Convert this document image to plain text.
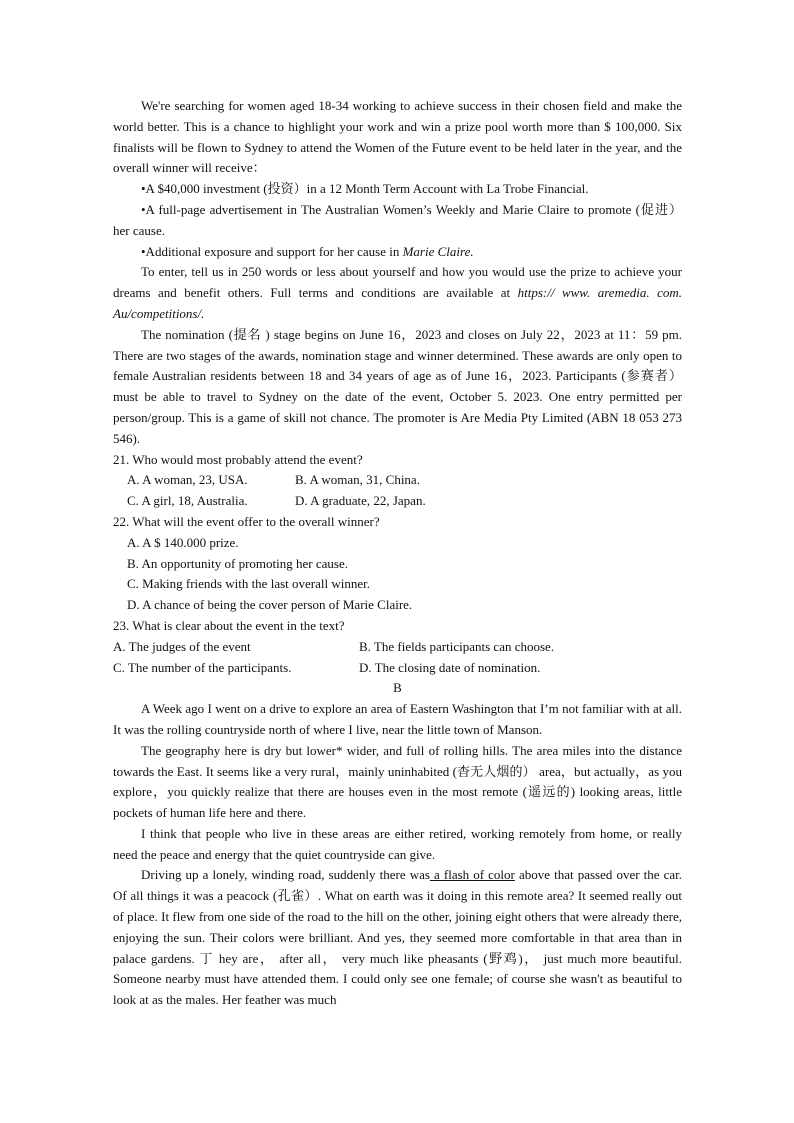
We're searching for women aged 18-34 working to achieve success in their chosen field and make the world better. This is a chance to highlight your work and win a prize pool worth more than $ 100,000. Six finalists will be flown to Sydney to attend the Women of the Future event to be held later in the year, and the overall winner will receive：

•A $40,000 investment (投资）in a 12 Month Term Account with La Trobe Financial.

•A full-page advertisement in The Australian Women’s Weekly and Marie Claire to promote (促进）her cause.

•Additional exposure and support for her cause in Marie Claire.

To enter, tell us in 250 words or less about yourself and how you would use the prize to achieve your dreams and benefit others. Full terms and conditions are available at https:// www. aremedia. com. Au/competitions/.

The nomination (提名 ) stage begins on June 16，2023 and closes on July 22，2023 at 11：59 pm. There are two stages of the awards, nomination stage and winner determined. These awards are only open to female Australian residents between 18 and 34 years of age as of June 16，2023. Participants (参赛者）must be able to travel to Sydney on the date of the event, October 5. 2023. One entry permitted per person/group. This is a game of skill not chance. The promoter is Are Media Pty Limited (ABN 18 053 273 546).

21. Who would most probably attend the event?

A. A woman, 23, USA.	B. A woman, 31, China.
C. A girl, 18, Australia.	D. A graduate, 22, Japan.

22. What will the event offer to the overall winner?

A. A $ 140.000 prize.

B. An opportunity of promoting her cause.

C. Making friends with the last overall winner.

D. A chance of being the cover person of Marie Claire.

23. What is clear about the event in the text?

A. The judges of the event	B. The fields participants can choose.
C. The number of the participants.	D. The closing date of nomination.

B

A Week ago I went on a drive to explore an area of Eastern Washington that I’m not familiar with at all. It was the rolling countryside north of where I live, near the little town of Manson.

The geography here is dry but lower* wider, and full of rolling hills. The area miles into the distance towards the East. It seems like a very rural，mainly uninhabited (杳无人烟的） area，but actually，as you explore，you quickly realize that there are houses even in the most remote (遥远的) looking areas, little pockets of human life here and there.

I think that people who live in these areas are either retired, working remotely from home, or really need the peace and energy that the quiet countryside can give.

Driving up a lonely, winding road, suddenly there was a flash of color above that passed over the car. Of all things it was a peacock (孔雀）. What on earth was it doing in this remote area? It seemed really out of place. It flew from one side of the road to the hill on the other, joining eight others that were already there, enjoying the sun. Their colors were brilliant. And yes, they seemed more comfortable in that area than in palace gardens. 丁 hey are， after all， very much like pheasants (野鸡)， just much more beautiful. Someone nearby must have attended them. I could only see one female; of course she wasn't as beautiful to look at as the males. Her feather was much
